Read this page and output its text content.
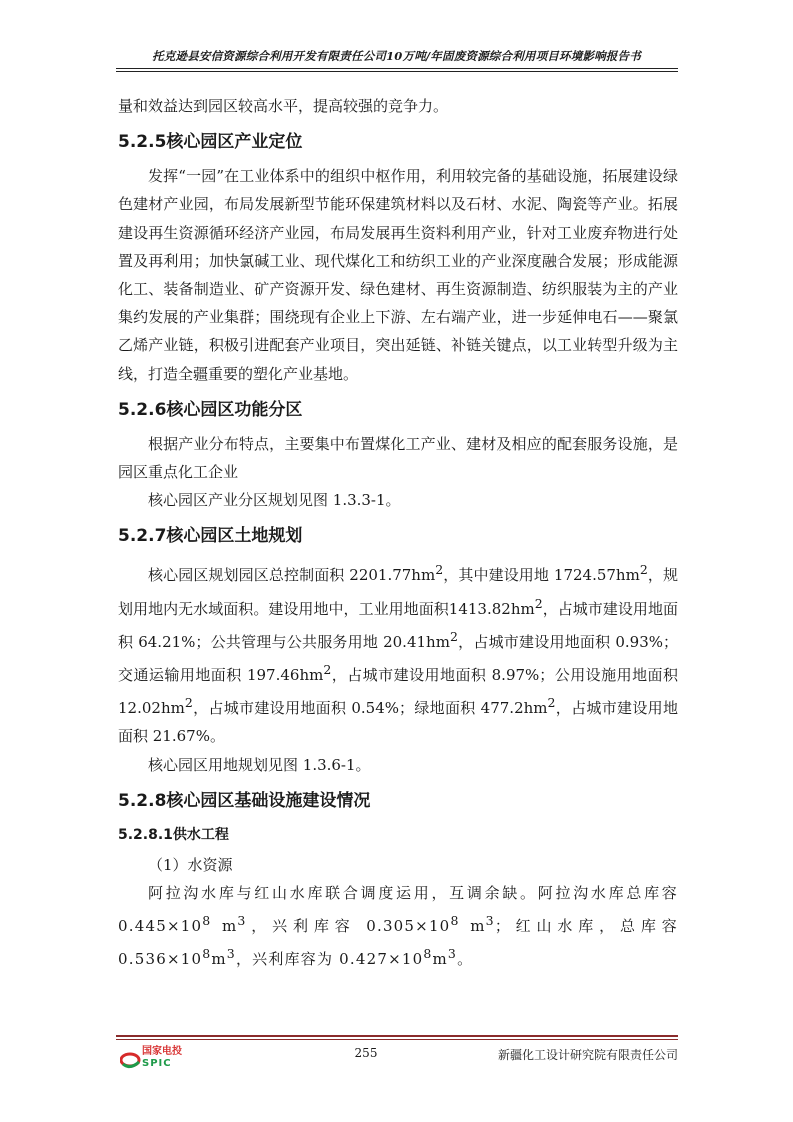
托克逊县安信资源综合利用开发有限责任公司10万吨/年固废资源综合利用项目环境影响报告书

量和效益达到园区较高水平，提高较强的竞争力。

5.2.5核心园区产业定位

发挥“一园”在工业体系中的组织中枢作用，利用较完备的基础设施，拓展建设绿色建材产业园，布局发展新型节能环保建筑材料以及石材、水泥、陶瓷等产业。拓展建设再生资源循环经济产业园，布局发展再生资料利用产业，针对工业废弃物进行处置及再利用；加快氯碱工业、现代煤化工和纺织工业的产业深度融合发展；形成能源化工、装备制造业、矿产资源开发、绿色建材、再生资源制造、纺织服装为主的产业集约发展的产业集群；围绕现有企业上下游、左右端产业，进一步延伸电石——聚氯乙烯产业链，积极引进配套产业项目，突出延链、补链关键点，以工业转型升级为主线，打造全疆重要的塑化产业基地。

5.2.6核心园区功能分区

根据产业分布特点，主要集中布置煤化工产业、建材及相应的配套服务设施，是园区重点化工企业

核心园区产业分区规划见图 1.3.3-1。

5.2.7核心园区土地规划

核心园区规划园区总控制面积 $2201.77hm^2$，其中建设用地 $1724.57hm^2$，规划用地内无水域面积。建设用地中，工业用地面积$1413.82hm^2$，占城市建设用地面积 64.21%；公共管理与公共服务用地 $20.41hm^2$，占城市建设用地面积 0.93%；交通运输用地面积 $197.46hm^2$，占城市建设用地面积 8.97%；公用设施用地面积 $12.02hm^2$，占城市建设用地面积 0.54%；绿地面积 $477.2hm^2$，占城市建设用地面积 21.67%。

核心园区用地规划见图 1.3.6-1。

5.2.8核心园区基础设施建设情况
5.2.8.1供水工程

（1）水资源

阿拉沟水库与红山水库联合调度运用，互调余缺。阿拉沟水库总库容 $0.445\times 10^8$ $m^3$，兴利库容 $0.305\times 10^8$ $m^3$；红山水库，总库容 $0.536\times 10^8m^3$，兴利库容为 $0.427\times 10^8m^3$。

国家电投
SPIC
255	新疆化工设计研究院有限责任公司
